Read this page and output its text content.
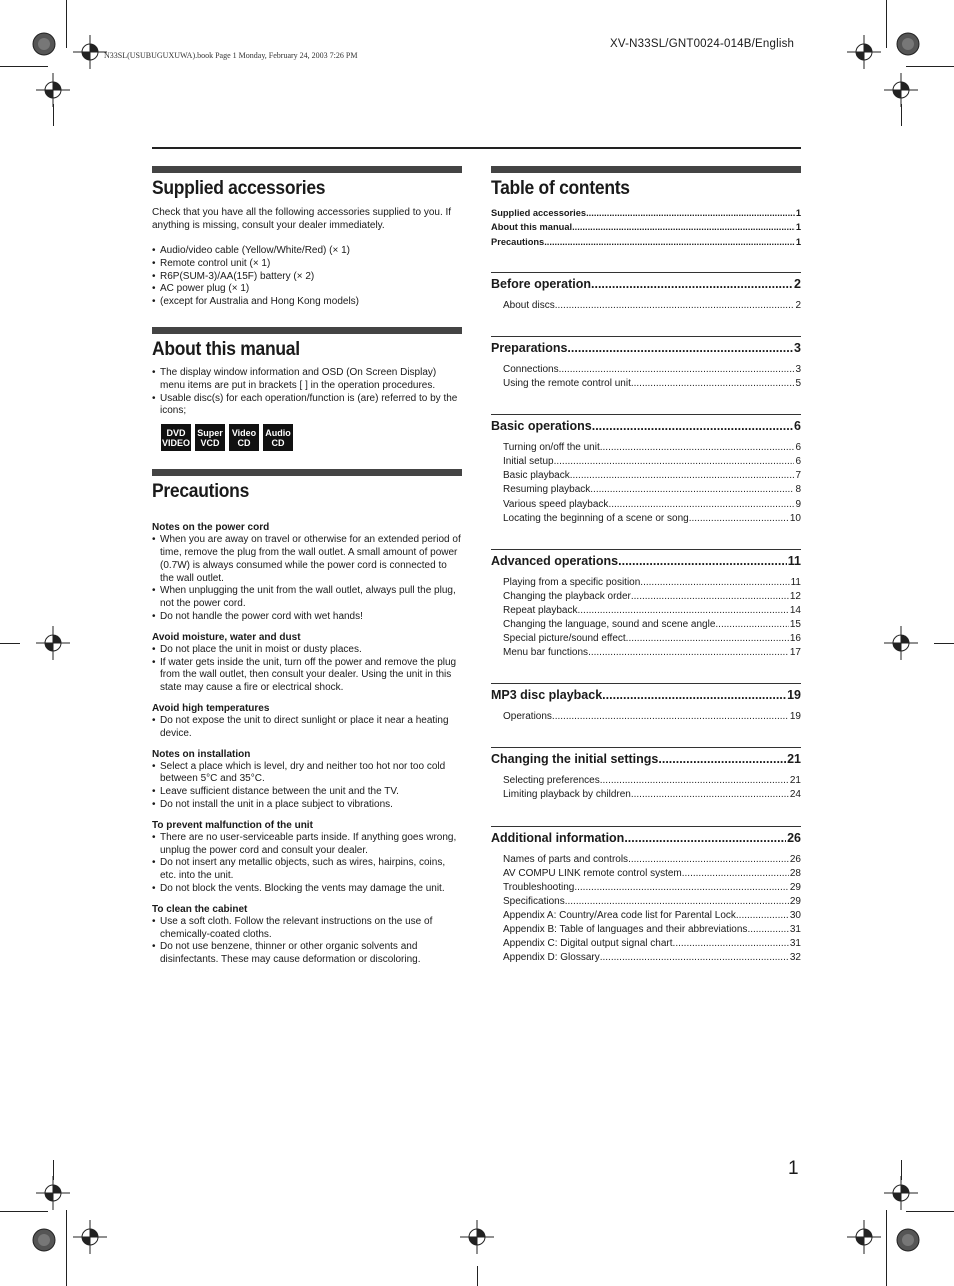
XV-N33SL/GNT0024-014B/English
N33SL(USUBUGUXUWA).book Page 1 Monday, February 24, 2003 7:26 PM
Supplied accessories

Check that you have all the following accessories supplied to you. If anything is missing, consult your dealer immediately.

• Audio/video cable (Yellow/White/Red) (× 1)
• Remote control unit (× 1)
• R6P(SUM-3)/AA(15F) battery (× 2)
• AC power plug (× 1)
• (except for Australia and Hong Kong models)
About this manual
• The display window information and OSD (On Screen Display) menu items are put in brackets [ ] in the operation procedures.
• Usable disc(s) for each operation/function is (are) referred to by the icons;
DVD
VIDEO
Super
VCD
Video
CD
Audio
CD
Precautions
Notes on the power cord
• When you are away on travel or otherwise for an extended period of time, remove the plug from the wall outlet. A small amount of power (0.7W) is always consumed while the power cord is connected to the wall outlet.
• When unplugging the unit from the wall outlet, always pull the plug, not the power cord.
• Do not handle the power cord with wet hands!
Avoid moisture, water and dust
• Do not place the unit in moist or dusty places.
• If water gets inside the unit, turn off the power and remove the plug from the wall outlet, then consult your dealer. Using the unit in this state may cause a fire or electrical shock.
Avoid high temperatures
• Do not expose the unit to direct sunlight or place it near a heating device.
Notes on installation
• Select a place which is level, dry and neither too hot nor too cold between 5°C and 35°C.
• Leave sufficient distance between the unit and the TV.
• Do not install the unit in a place subject to vibrations.
To prevent malfunction of the unit
• There are no user-serviceable parts inside. If anything goes wrong, unplug the power cord and consult your dealer.
• Do not insert any metallic objects, such as wires, hairpins, coins, etc. into the unit.
• Do not block the vents. Blocking the vents may damage the unit.
To clean the cabinet
• Use a soft cloth. Follow the relevant instructions on the use of chemically-coated cloths.
• Do not use benzene, thinner or other organic solvents and disinfectants. These may cause deformation or discoloring.
Table of contents
Supplied accessories .....	1
About this manual .....	1
Precautions .....	1
Before operation .....	2
About discs .....	2
Preparations .....	3
Connections .....	3
Using the remote control unit .....	5
Basic operations .....	6
Turning on/off the unit .....	6
Initial setup .....	6
Basic playback .....	7
Resuming playback .....	8
Various speed playback .....	9
Locating the beginning of a scene or song .....	10
Advanced operations .....	11
Playing from a specific position .....	11
Changing the playback order .....	12
Repeat playback .....	14
Changing the language, sound and scene angle .....	15
Special picture/sound effect .....	16
Menu bar functions .....	17
MP3 disc playback .....	19
Operations .....	19
Changing the initial settings .....	21
Selecting preferences .....	21
Limiting playback by children .....	24
Additional information .....	26
Names of parts and controls .....	26
AV COMPU LINK remote control system .....	28
Troubleshooting .....	29
Specifications .....	29
Appendix A: Country/Area code list for Parental Lock .....	30
Appendix B: Table of languages and their abbreviations .....	31
Appendix C: Digital output signal chart .....	31
Appendix D: Glossary .....	32
1
